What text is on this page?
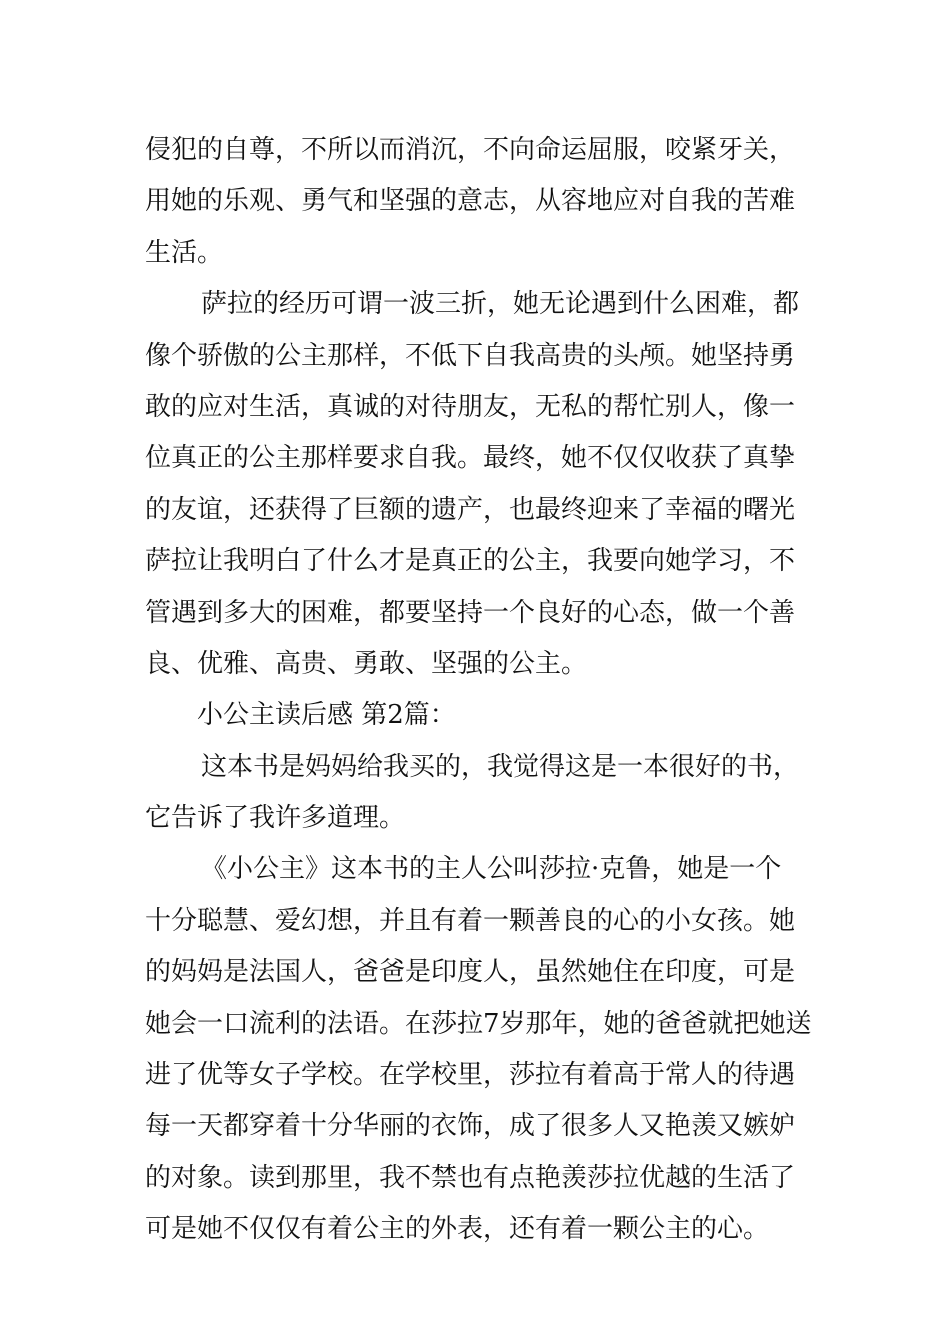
侵犯的自尊，不所以而消沉，不向命运屈服，咬紧牙关，
用她的乐观、勇气和坚强的意志，从容地应对自我的苦难
生活。
萨拉的经历可谓一波三折，她无论遇到什么困难，都
像个骄傲的公主那样，不低下自我高贵的头颅。她坚持勇
敢的应对生活，真诚的对待朋友，无私的帮忙别人，像一
位真正的公主那样要求自我。最终，她不仅仅收获了真挚
的友谊，还获得了巨额的遗产，也最终迎来了幸福的曙光
萨拉让我明白了什么才是真正的公主，我要向她学习，不
管遇到多大的困难，都要坚持一个良好的心态，做一个善
良、优雅、高贵、勇敢、坚强的公主。
小公主读后感 第2篇：
这本书是妈妈给我买的，我觉得这是一本很好的书，
它告诉了我许多道理。
《小公主》这本书的主人公叫莎拉·克鲁，她是一个
十分聪慧、爱幻想，并且有着一颗善良的心的小女孩。她
的妈妈是法国人，爸爸是印度人，虽然她住在印度，可是
她会一口流利的法语。在莎拉7岁那年，她的爸爸就把她送
进了优等女子学校。在学校里，莎拉有着高于常人的待遇
每一天都穿着十分华丽的衣饰，成了很多人又艳羡又嫉妒
的对象。读到那里，我不禁也有点艳羡莎拉优越的生活了
可是她不仅仅有着公主的外表，还有着一颗公主的心。
